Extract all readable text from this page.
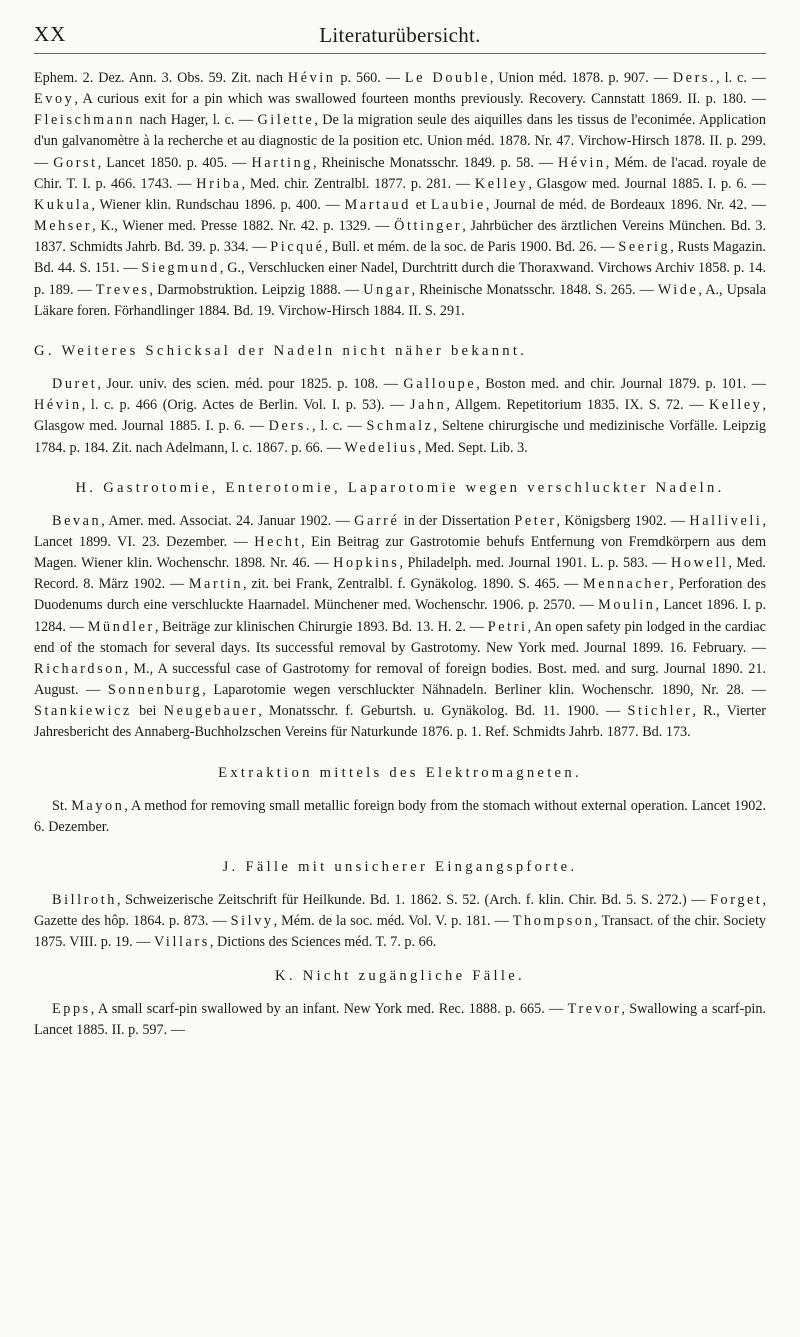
XX	Literaturübersicht.

Ephem. 2. Dez. Ann. 3. Obs. 59. Zit. nach Hévin p. 560. — Le Double, Union méd. 1878. p. 907. — Ders., l. c. — Evoy, A curious exit for a pin which was swallowed fourteen months previously. Recovery. Cannstatt 1869. II. p. 180. — Fleischmann nach Hager, l. c. — Gilette, De la migration seule des aiquilles dans les tissus de l'econimée. Application d'un galvanomètre à la recherche et au diagnostic de la position etc. Union méd. 1878. Nr. 47. Virchow-Hirsch 1878. II. p. 299. — Gorst, Lancet 1850. p. 405. — Harting, Rheinische Monatsschr. 1849. p. 58. — Hévin, Mém. de l'acad. royale de Chir. T. I. p. 466. 1743. — Hriba, Med. chir. Zentralbl. 1877. p. 281. — Kelley, Glasgow med. Journal 1885. I. p. 6. — Kukula, Wiener klin. Rundschau 1896. p. 400. — Martaud et Laubie, Journal de méd. de Bordeaux 1896. Nr. 42. — Mehser, K., Wiener med. Presse 1882. Nr. 42. p. 1329. — Öttinger, Jahrbücher des ärztlichen Vereins München. Bd. 3. 1837. Schmidts Jahrb. Bd. 39. p. 334. — Picqué, Bull. et mém. de la soc. de Paris 1900. Bd. 26. — Seerig, Rusts Magazin. Bd. 44. S. 151. — Siegmund, G., Verschlucken einer Nadel, Durchtritt durch die Thoraxwand. Virchows Archiv 1858. p. 14. p. 189. — Treves, Darmobstruktion. Leipzig 1888. — Ungar, Rheinische Monatsschr. 1848. S. 265. — Wide, A., Upsala Läkare foren. Förhandlinger 1884. Bd. 19. Virchow-Hirsch 1884. II. S. 291.

G. Weiteres Schicksal der Nadeln nicht näher bekannt.

Duret, Jour. univ. des scien. méd. pour 1825. p. 108. — Galloupe, Boston med. and chir. Journal 1879. p. 101. — Hévin, l. c. p. 466 (Orig. Actes de Berlin. Vol. I. p. 53). — Jahn, Allgem. Repetitorium 1835. IX. S. 72. — Kelley, Glasgow med. Journal 1885. I. p. 6. — Ders., l. c. — Schmalz, Seltene chirurgische und medizinische Vorfälle. Leipzig 1784. p. 184. Zit. nach Adelmann, l. c. 1867. p. 66. — Wedelius, Med. Sept. Lib. 3.

H. Gastrotomie, Enterotomie, Laparotomie wegen verschluckter Nadeln.

Bevan, Amer. med. Associat. 24. Januar 1902. — Garré in der Dissertation Peter, Königsberg 1902. — Halliveli, Lancet 1899. VI. 23. Dezember. — Hecht, Ein Beitrag zur Gastrotomie behufs Entfernung von Fremdkörpern aus dem Magen. Wiener klin. Wochenschr. 1898. Nr. 46. — Hopkins, Philadelph. med. Journal 1901. L. p. 583. — Howell, Med. Record. 8. März 1902. — Martin, zit. bei Frank, Zentralbl. f. Gynäkolog. 1890. S. 465. — Mennacher, Perforation des Duodenums durch eine verschluckte Haarnadel. Münchener med. Wochenschr. 1906. p. 2570. — Moulin, Lancet 1896. I. p. 1284. — Mündler, Beiträge zur klinischen Chirurgie 1893. Bd. 13. H. 2. — Petri, An open safety pin lodged in the cardiac end of the stomach for several days. Its successful removal by Gastrotomy. New York med. Journal 1899. 16. February. — Richardson, M., A successful case of Gastrotomy for removal of foreign bodies. Bost. med. and surg. Journal 1890. 21. August. — Sonnenburg, Laparotomie wegen verschluckter Nähnadeln. Berliner klin. Wochenschr. 1890, Nr. 28. — Stankiewicz bei Neugebauer, Monatsschr. f. Geburtsh. u. Gynäkolog. Bd. 11. 1900. — Stichler, R., Vierter Jahresbericht des Annaberg-Buchholzschen Vereins für Naturkunde 1876. p. 1. Ref. Schmidts Jahrb. 1877. Bd. 173.

Extraktion mittels des Elektromagneten.

St. Mayon, A method for removing small metallic foreign body from the stomach without external operation. Lancet 1902. 6. Dezember.

J. Fälle mit unsicherer Eingangspforte.

Billroth, Schweizerische Zeitschrift für Heilkunde. Bd. 1. 1862. S. 52. (Arch. f. klin. Chir. Bd. 5. S. 272.) — Forget, Gazette des hôp. 1864. p. 873. — Silvy, Mém. de la soc. méd. Vol. V. p. 181. — Thompson, Transact. of the chir. Society 1875. VIII. p. 19. — Villars, Dictions des Sciences méd. T. 7. p. 66.

K. Nicht zugängliche Fälle.

Epps, A small scarf-pin swallowed by an infant. New York med. Rec. 1888. p. 665. — Trevor, Swallowing a scarf-pin. Lancet 1885. II. p. 597. —
